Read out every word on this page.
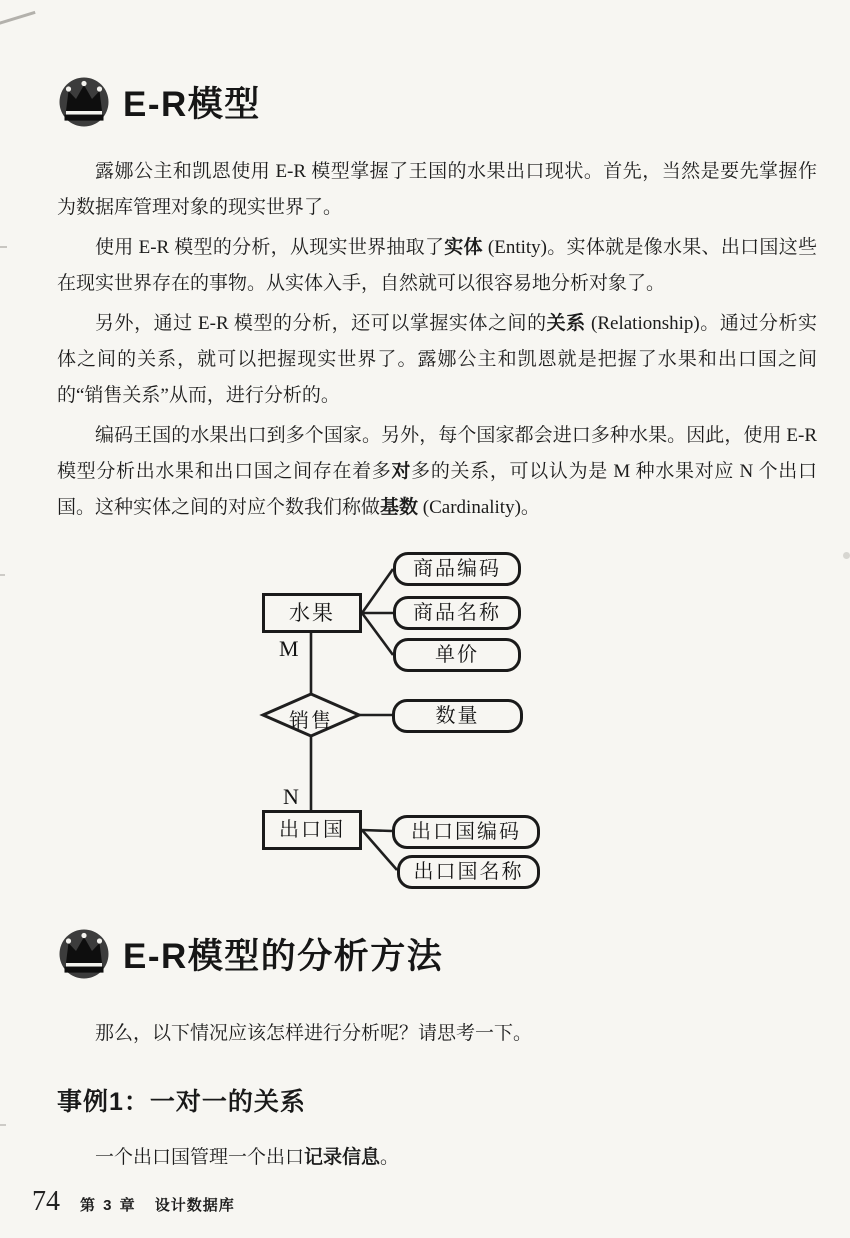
E-R模型

露娜公主和凯恩使用 E-R 模型掌握了王国的水果出口现状。首先，当然是要先掌握作为数据库管理对象的现实世界了。

使用 E-R 模型的分析，从现实世界抽取了实体 (Entity)。实体就是像水果、出口国这些在现实世界存在的事物。从实体入手，自然就可以很容易地分析对象了。

另外，通过 E-R 模型的分析，还可以掌握实体之间的关系 (Relationship)。通过分析实体之间的关系，就可以把握现实世界了。露娜公主和凯恩就是把握了水果和出口国之间的“销售关系”从而，进行分析的。

编码王国的水果出口到多个国家。另外，每个国家都会进口多种水果。因此，使用 E-R 模型分析出水果和出口国之间存在着多对多的关系，可以认为是 M 种水果对应 N 个出口国。这种实体之间的对应个数我们称做基数 (Cardinality)。

水果
M
商品编码
商品名称
单价
销售	数量
N
出口国	出口国编码
出口国名称
E-R模型的分析方法

那么，以下情况应该怎样进行分析呢？请思考一下。

事例1：一对一的关系

一个出口国管理一个出口记录信息。

74 第 3 章 设计数据库
